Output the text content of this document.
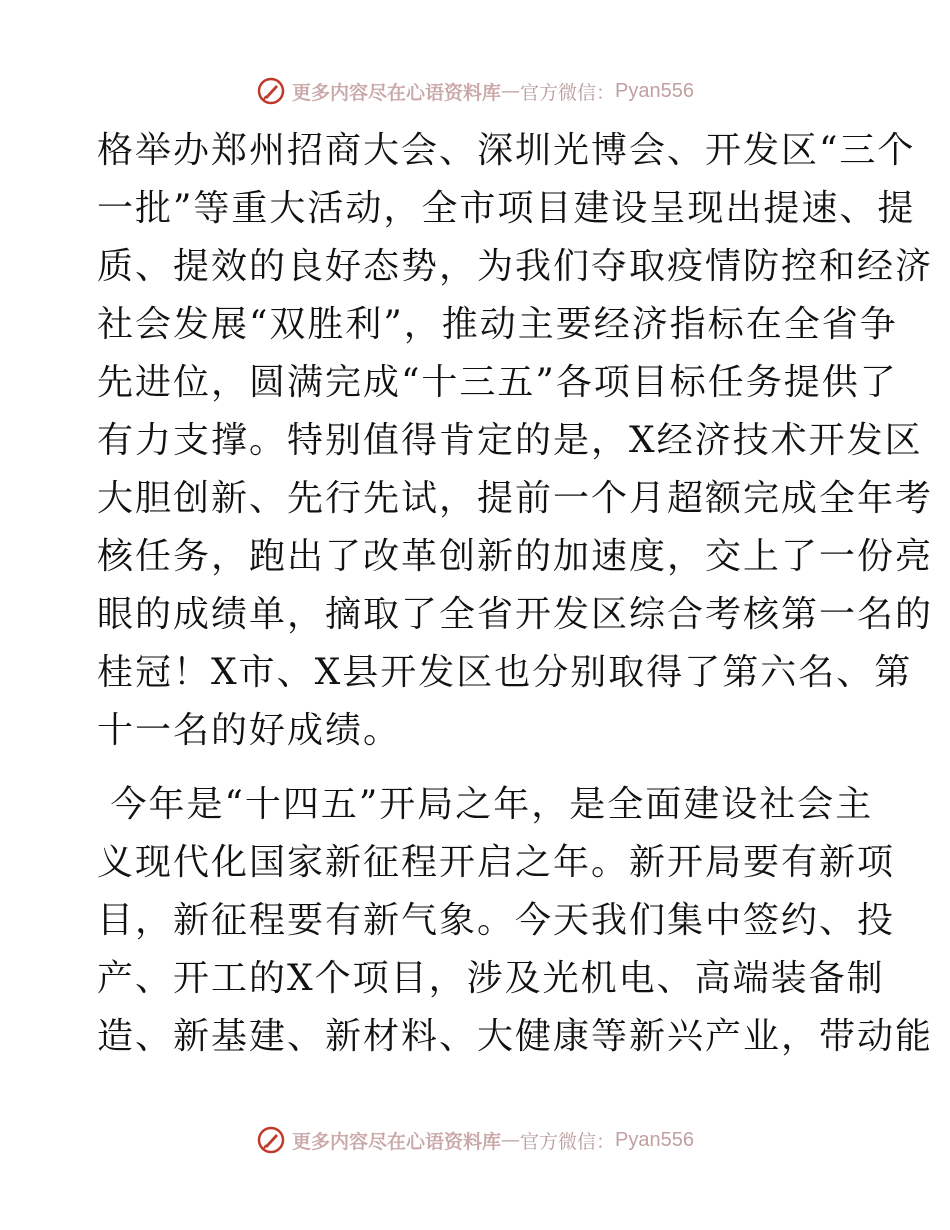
更多内容尽在心语资料库 — 官方微信： Pyan556
格举办郑州招商大会、深圳光博会、开发区“三个
一批”等重大活动，全市项目建设呈现出提速、提
质、提效的良好态势，为我们夺取疫情防控和经济
社会发展“双胜利”，推动主要经济指标在全省争
先进位，圆满完成“十三五”各项目标任务提供了
有力支撑。特别值得肯定的是，X经济技术开发区
大胆创新、先行先试，提前一个月超额完成全年考
核任务，跑出了改革创新的加速度，交上了一份亮
眼的成绩单，摘取了全省开发区综合考核第一名的
桂冠！X市、X县开发区也分别取得了第六名、第
十一名的好成绩。
今年是“十四五”开局之年，是全面建设社会主
义现代化国家新征程开启之年。新开局要有新项
目，新征程要有新气象。今天我们集中签约、投
产、开工的X个项目，涉及光机电、高端装备制
造、新基建、新材料、大健康等新兴产业，带动能
更多内容尽在心语资料库 — 官方微信： Pyan556
